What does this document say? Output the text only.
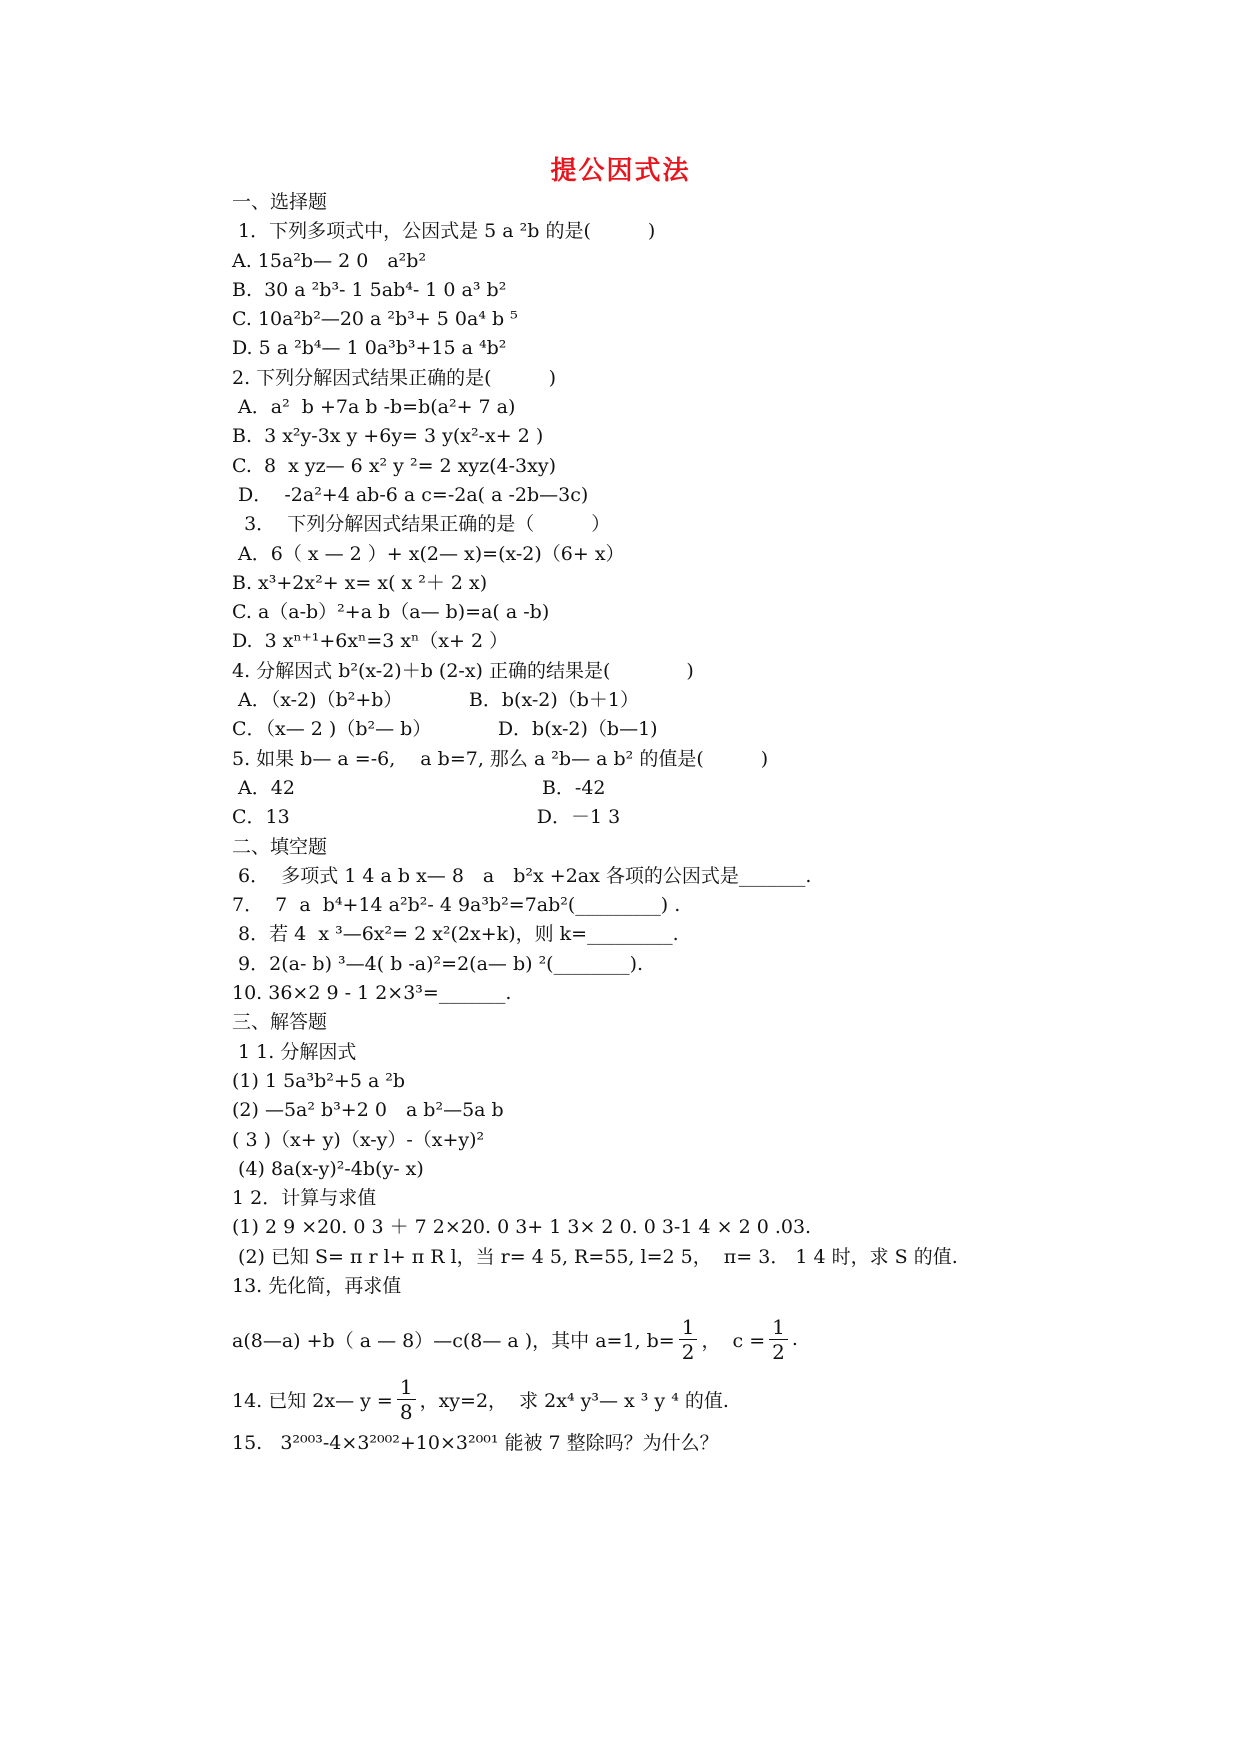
提公因式法
一、选择题
1．下列多项式中，公因式是 5 a ²b 的是(　　　)
A. 15a²b— 2 0　a²b²
B.  30 a ²b³- 1 5ab⁴- 1 0 a³ b²
C. 10a²b²—20 a ²b³+ 5 0a⁴ b ⁵
D. 5 a ²b⁴— 1 0a³b³+15 a ⁴b²
2. 下列分解因式结果正确的是(　　　)
A．a²  b +7a b -b=b(a²+ 7 a)
B.  3 x²y-3x y +6y= 3 y(x²-x+ 2 )
C.  8  x yz— 6 x² y ²= 2 xyz(4-3xy)
D．  -2a²+4 ab-6 a c=-2a( a -2b—3c)
3．  下列分解因式结果正确的是（　　　）
A．6（ x — 2 ）+ x(2— x)=(x-2)（6+ x）
B. x³+2x²+ x= x( x ²＋ 2 x)
C. a（a-b）²+a b（a— b)=a( a -b)
D.  3 xⁿ⁺¹+6xⁿ=3 xⁿ（x+ 2 ）
4. 分解因式 b²(x-2)＋b (2-x) 正确的结果是(　　　　)
A．（x-2)（b²+b）　　　　B．b(x-2)（b＋1）
C．（x— 2 )（b²— b）　　　　D．b(x-2)（b—1)
5. 如果 b— a =-6,　 a b=7, 那么 a ²b— a b² 的值是(　　　)
A．42　　　　　　　　　　　　　B．-42
C．13　　　　　　　　　　　　　D．－1 3
二、填空题
6．  多项式 1 4 a b x— 8　a　b²x +2ax 各项的公因式是_______.
7．  7  a  b⁴+14 a²b²- 4 9a³b²=7ab²(_________) .
8．若 4  x ³—6x²= 2 x²(2x+k)，则 k=_________.
9．2(a- b) ³—4( b -a)²=2(a— b) ²(________).
10. 36×2 9 - 1 2×3³=_______.
三、解答题
1 1. 分解因式
(1) 1 5a³b²+5 a ²b
(2) —5a² b³+2 0　a b²—5a b
( 3 )（x+ y)（x-y）-（x+y)²
(4) 8a(x-y)²-4b(y- x)
1 2．计算与求值
(1) 2 9 ×20. 0 3 ＋ 7 2×20. 0 3+ 1 3× 2 0. 0 3-1 4 × 2 0 .03.
(2) 已知 S= π r l+ π R l，当 r= 4 5, R=55, l=2 5，  π= 3． 1 4 时，求 S 的值.
13. 先化简，再求值
a(8—a) +b（ a — 8）—c(8— a )，其中 a=1, $b= \frac{1}{2}$ ，  $c = \frac{1}{2}$ .
14. 已知 2x— $y = \frac{1}{8}$ ，xy=2，  求 2x⁴ y³— x ³ y ⁴ 的值.
15.   3²⁰⁰³-4×3²⁰⁰²+10×3²⁰⁰¹ 能被 7 整除吗？为什么？
